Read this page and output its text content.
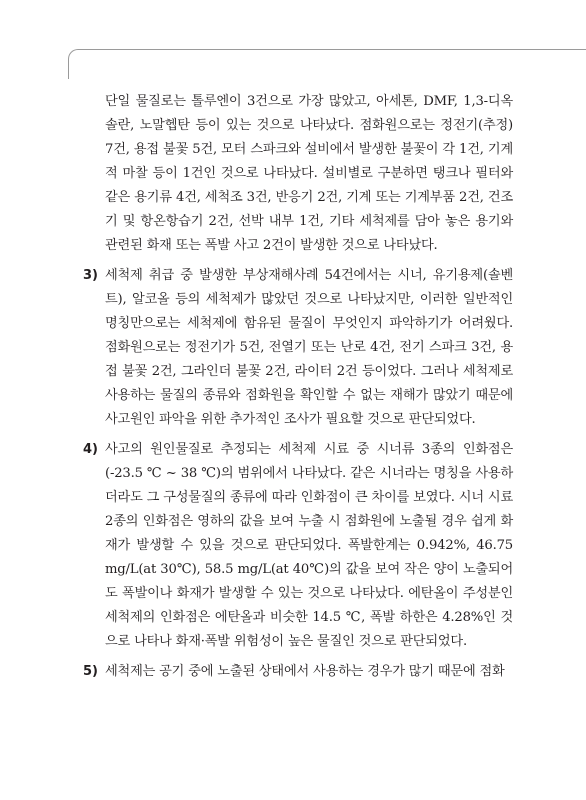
단일 물질로는 톨루엔이 3건으로 가장 많았고, 아세톤, DMF, 1,3-디옥솔란, 노말헵탄 등이 있는 것으로 나타났다. 점화원으로는 정전기(추정) 7건, 용접 불꽃 5건, 모터 스파크와 설비에서 발생한 불꽃이 각 1건, 기계적 마찰 등이 1건인 것으로 나타났다. 설비별로 구분하면 탱크나 필터와 같은 용기류 4건, 세척조 3건, 반응기 2건, 기계 또는 기계부품 2건, 건조기 및 항온항습기 2건, 선박 내부 1건, 기타 세척제를 담아 놓은 용기와 관련된 화재 또는 폭발 사고 2건이 발생한 것으로 나타났다.

3) 세척제 취급 중 발생한 부상재해사례 54건에서는 시너, 유기용제(솔벤트), 알코올 등의 세척제가 많았던 것으로 나타났지만, 이러한 일반적인 명칭만으로는 세척제에 함유된 물질이 무엇인지 파악하기가 어려웠다. 점화원으로는 정전기가 5건, 전열기 또는 난로 4건, 전기 스파크 3건, 용접 불꽃 2건, 그라인더 불꽃 2건, 라이터 2건 등이었다. 그러나 세척제로 사용하는 물질의 종류와 점화원을 확인할 수 없는 재해가 많았기 때문에 사고원인 파악을 위한 추가적인 조사가 필요할 것으로 판단되었다.
4) 사고의 원인물질로 추정되는 세척제 시료 중 시너류 3종의 인화점은 (-23.5 ℃ ~ 38 ℃)의 범위에서 나타났다. 같은 시너라는 명칭을 사용하더라도 그 구성물질의 종류에 따라 인화점이 큰 차이를 보였다. 시너 시료 2종의 인화점은 영하의 값을 보여 누출 시 점화원에 노출될 경우 쉽게 화재가 발생할 수 있을 것으로 판단되었다. 폭발한계는 0.942%, 46.75 mg/L(at 30℃), 58.5 mg/L(at 40℃)의 값을 보여 작은 양이 노출되어도 폭발이나 화재가 발생할 수 있는 것으로 나타났다. 에탄올이 주성분인 세척제의 인화점은 에탄올과 비슷한 14.5 ℃, 폭발 하한은 4.28%인 것으로 나타나 화재·폭발 위험성이 높은 물질인 것으로 판단되었다.
5) 세척제는 공기 중에 노출된 상태에서 사용하는 경우가 많기 때문에 점화
